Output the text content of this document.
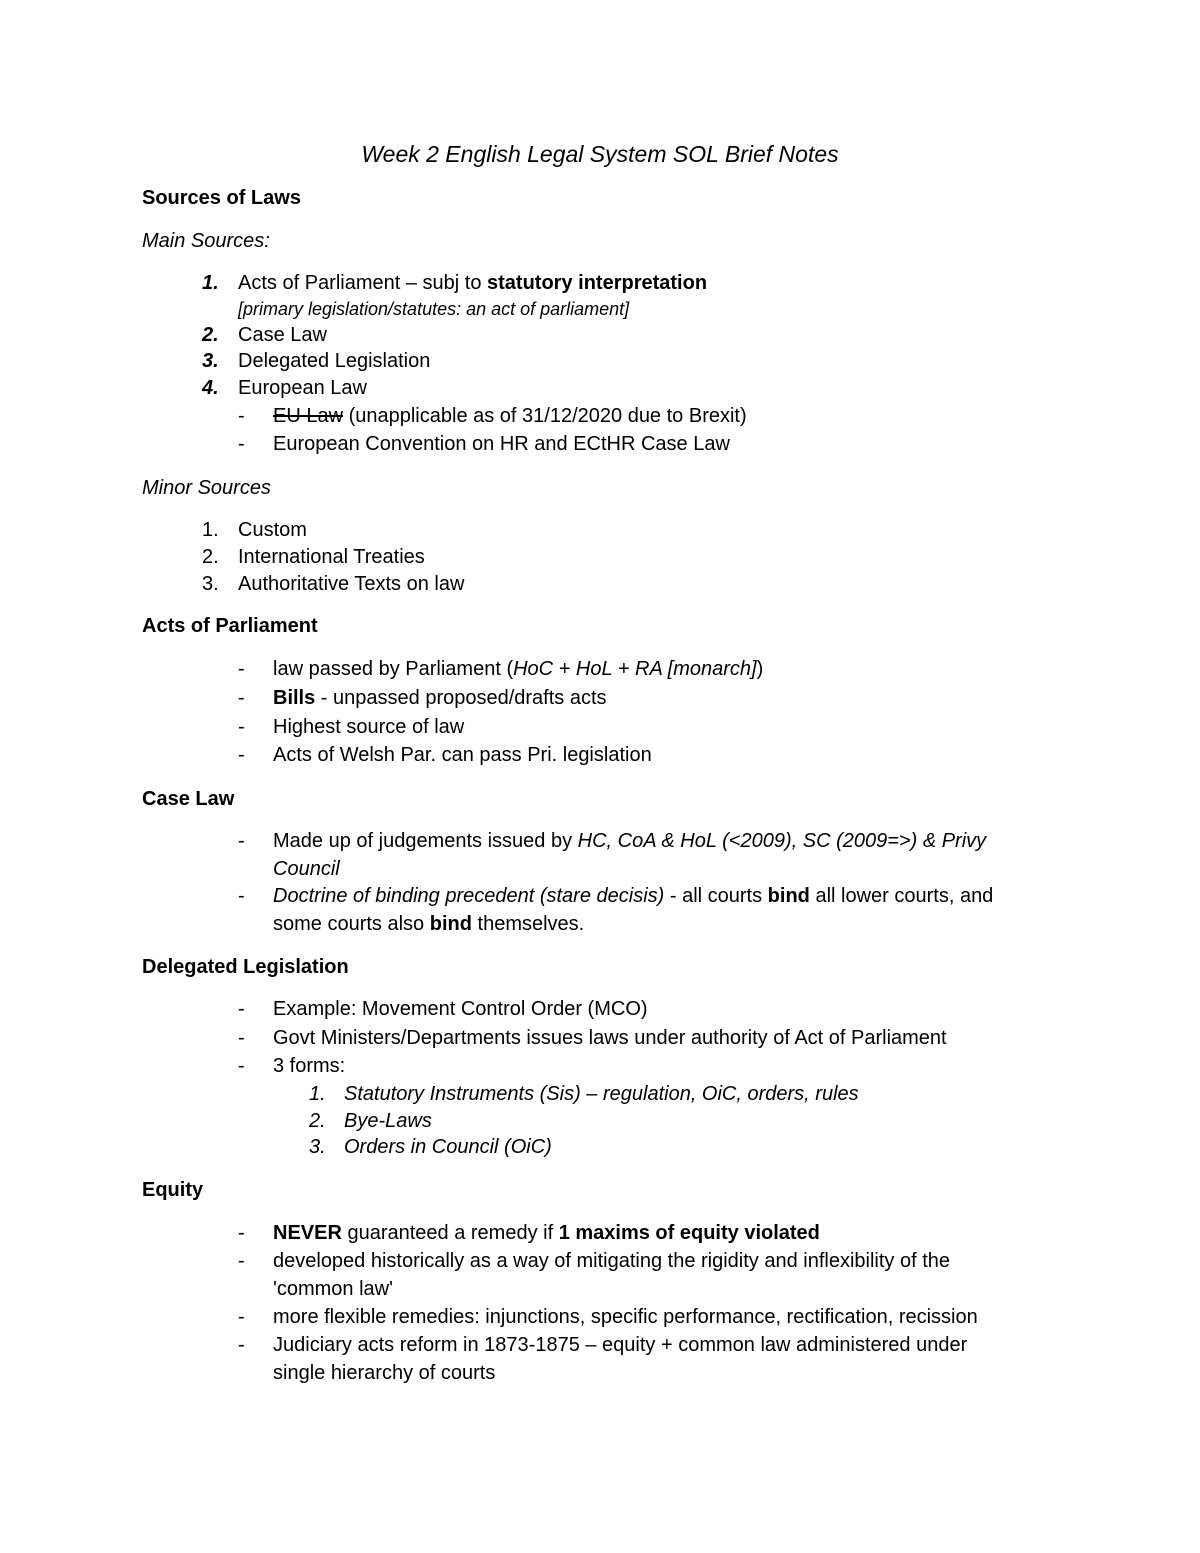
Week 2 English Legal System SOL Brief Notes
Sources of Laws
Main Sources:
1. Acts of Parliament – subj to statutory interpretation
[primary legislation/statutes: an act of parliament]
2. Case Law
3. Delegated Legislation
4. European Law
- EU Law (unapplicable as of 31/12/2020 due to Brexit)
- European Convention on HR and ECtHR Case Law
Minor Sources
1. Custom
2. International Treaties
3. Authoritative Texts on law
Acts of Parliament
- law passed by Parliament (HoC + HoL + RA [monarch])
- Bills - unpassed proposed/drafts acts
- Highest source of law
- Acts of Welsh Par. can pass Pri. legislation
Case Law
- Made up of judgements issued by HC, CoA & HoL (<2009), SC (2009=>) & Privy
Council
- Doctrine of binding precedent (stare decisis) - all courts bind all lower courts, and
some courts also bind themselves.
Delegated Legislation
- Example: Movement Control Order (MCO)
- Govt Ministers/Departments issues laws under authority of Act of Parliament
- 3 forms:
1. Statutory Instruments (Sis) – regulation, OiC, orders, rules
2. Bye-Laws
3. Orders in Council (OiC)
Equity
- NEVER guaranteed a remedy if 1 maxims of equity violated
- developed historically as a way of mitigating the rigidity and inflexibility of the
'common law'
- more flexible remedies: injunctions, specific performance, rectification, recission
- Judiciary acts reform in 1873-1875 – equity + common law administered under
single hierarchy of courts
